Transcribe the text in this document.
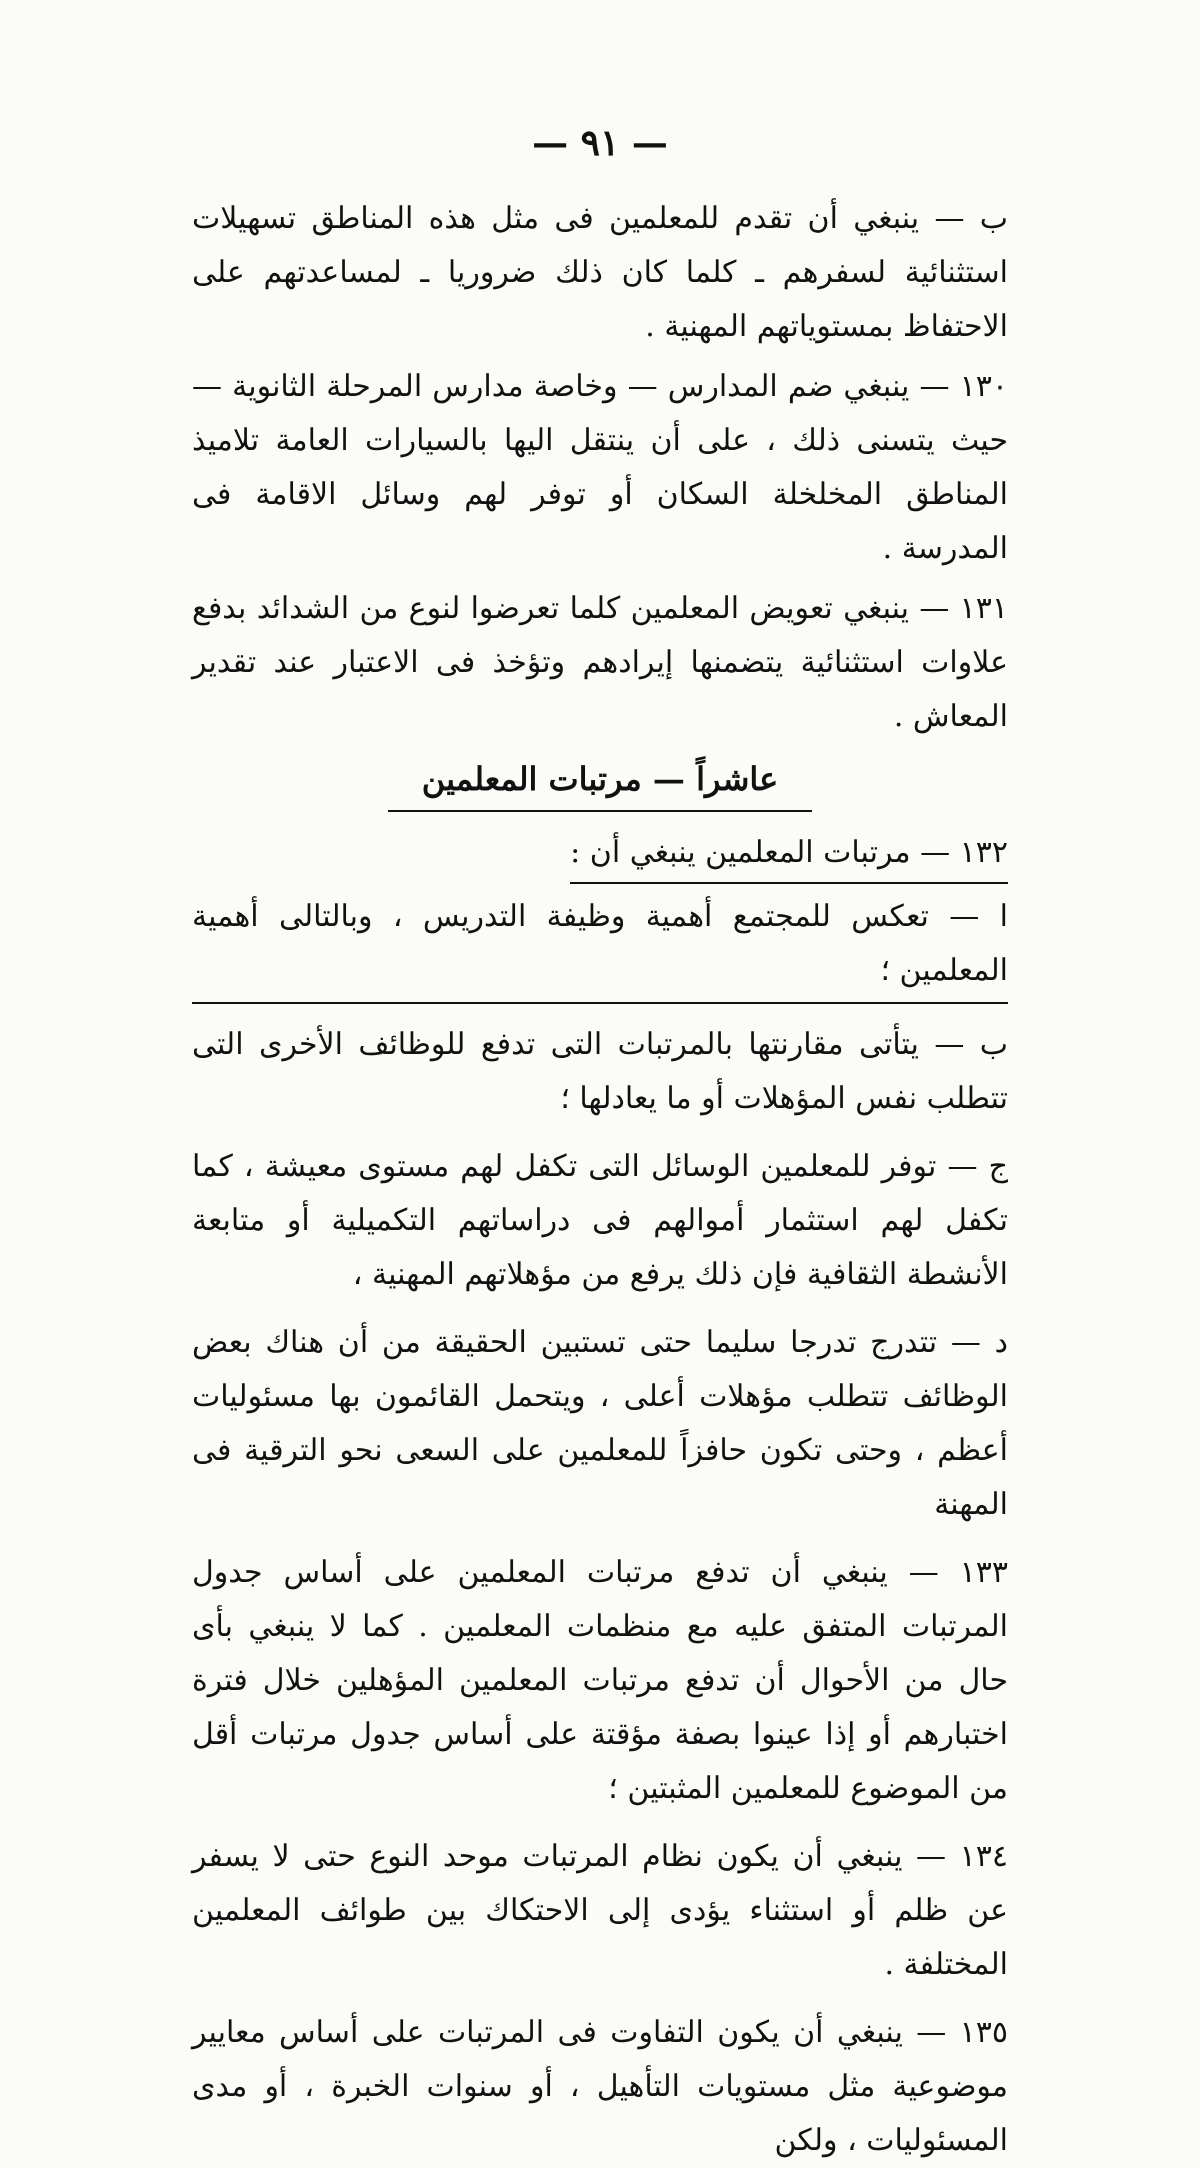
— ٩١ —

ب — ينبغي أن تقدم للمعلمين فى مثل هذه المناطق تسهيلات استثنائية لسفرهم ـ كلما كان ذلك ضروريا ـ لمساعدتهم على الاحتفاظ بمستوياتهم المهنية .

١٣٠ — ينبغي ضم المدارس — وخاصة مدارس المرحلة الثانوية — حيث يتسنى ذلك ، على أن ينتقل اليها بالسيارات العامة تلاميذ المناطق المخلخلة السكان أو توفر لهم وسائل الاقامة فى المدرسة .

١٣١ — ينبغي تعويض المعلمين كلما تعرضوا لنوع من الشدائد بدفع علاوات استثنائية يتضمنها إيرادهم وتؤخذ فى الاعتبار عند تقدير المعاش .

عاشراً — مرتبات المعلمين

١٣٢ — مرتبات المعلمين ينبغي أن :

ا — تعكس للمجتمع أهمية وظيفة التدريس ، وبالتالى أهمية المعلمين ؛

ب — يتأتى مقارنتها بالمرتبات التى تدفع للوظائف الأخرى التى تتطلب نفس المؤهلات أو ما يعادلها ؛

ج — توفر للمعلمين الوسائل التى تكفل لهم مستوى معيشة ، كما تكفل لهم استثمار أموالهم فى دراساتهم التكميلية أو متابعة الأنشطة الثقافية فإن ذلك يرفع من مؤهلاتهم المهنية ،

د — تتدرج تدرجا سليما حتى تستبين الحقيقة من أن هناك بعض الوظائف تتطلب مؤهلات أعلى ، ويتحمل القائمون بها مسئوليات أعظم ، وحتى تكون حافزاً للمعلمين على السعى نحو الترقية فى المهنة

١٣٣ — ينبغي أن تدفع مرتبات المعلمين على أساس جدول المرتبات المتفق عليه مع منظمات المعلمين . كما لا ينبغي بأى حال من الأحوال أن تدفع مرتبات المعلمين المؤهلين خلال فترة اختبارهم أو إذا عينوا بصفة مؤقتة على أساس جدول مرتبات أقل من الموضوع للمعلمين المثبتين ؛

١٣٤ — ينبغي أن يكون نظام المرتبات موحد النوع حتى لا يسفر عن ظلم أو استثناء يؤدى إلى الاحتكاك بين طوائف المعلمين المختلفة .

١٣٥ — ينبغي أن يكون التفاوت فى المرتبات على أساس معايير موضوعية مثل مستويات التأهيل ، أو سنوات الخبرة ، أو مدى المسئوليات ، ولكن
